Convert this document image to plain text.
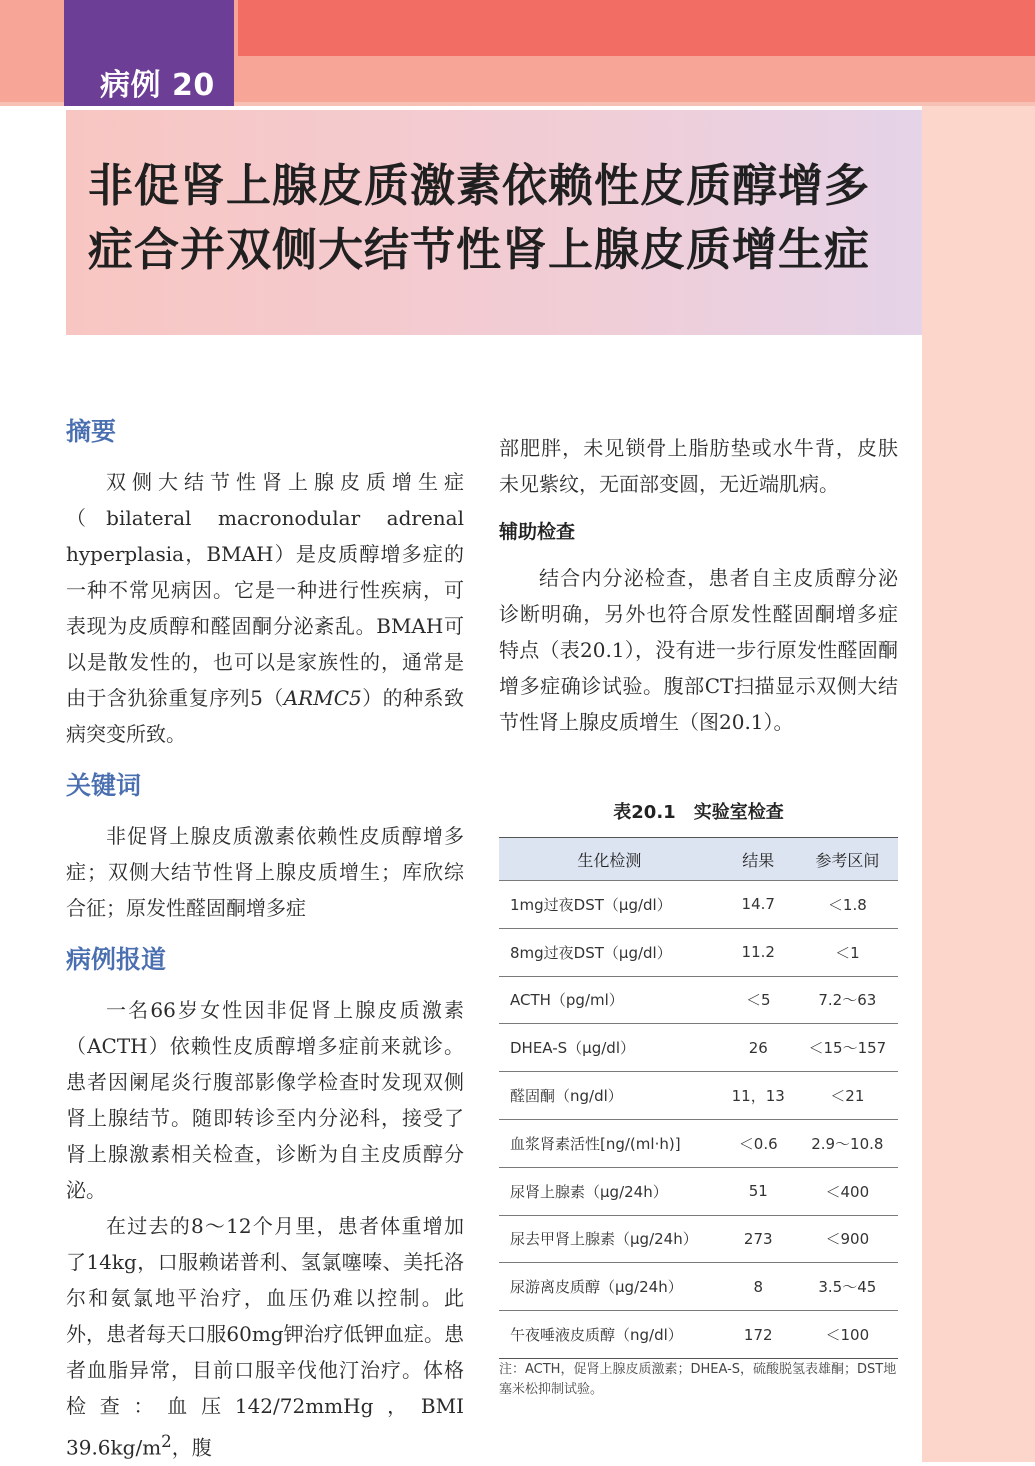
病例 20
非促肾上腺皮质激素依赖性皮质醇增多
症合并双侧大结节性肾上腺皮质增生症
摘要

双侧大结节性肾上腺皮质增生症（bilateral macronodular adrenal hyperplasia，BMAH）是皮质醇增多症的一种不常见病因。它是一种进行性疾病，可表现为皮质醇和醛固酮分泌紊乱。BMAH可以是散发性的，也可以是家族性的，通常是由于含犰狳重复序列5（ARMC5）的种系致病突变所致。

关键词

非促肾上腺皮质激素依赖性皮质醇增多症；双侧大结节性肾上腺皮质增生；库欣综合征；原发性醛固酮增多症

病例报道

一名66岁女性因非促肾上腺皮质激素（ACTH）依赖性皮质醇增多症前来就诊。患者因阑尾炎行腹部影像学检查时发现双侧肾上腺结节。随即转诊至内分泌科，接受了肾上腺激素相关检查，诊断为自主皮质醇分泌。

在过去的8～12个月里，患者体重增加了14kg，口服赖诺普利、氢氯噻嗪、美托洛尔和氨氯地平治疗，血压仍难以控制。此外，患者每天口服60mg钾治疗低钾血症。患者血脂异常，目前口服辛伐他汀治疗。体格检查：血压142/72mmHg，BMI $39.6kg/m^2$，腹

部肥胖，未见锁骨上脂肪垫或水牛背，皮肤未见紫纹，无面部变圆，无近端肌病。

辅助检查

结合内分泌检查，患者自主皮质醇分泌诊断明确，另外也符合原发性醛固酮增多症特点（表20.1），没有进一步行原发性醛固酮增多症确诊试验。腹部CT扫描显示双侧大结节性肾上腺皮质增生（图20.1）。

表20.1　实验室检查
生化检测	结果	参考区间
1mg过夜DST（μg/dl）	14.7	＜1.8
8mg过夜DST（μg/dl）	11.2	＜1
ACTH（pg/ml）	＜5	7.2～63
DHEA-S（μg/dl）	26	＜15～157
醛固酮（ng/dl）	11，13	＜21
血浆肾素活性[ng/(ml·h)]	＜0.6	2.9～10.8
尿肾上腺素（μg/24h）	51	＜400
尿去甲肾上腺素（μg/24h）	273	＜900
尿游离皮质醇（μg/24h）	8	3.5～45
午夜唾液皮质醇（ng/dl）	172	＜100
注：ACTH，促肾上腺皮质激素；DHEA-S，硫酸脱氢表雄酮；DST地塞米松抑制试验。
